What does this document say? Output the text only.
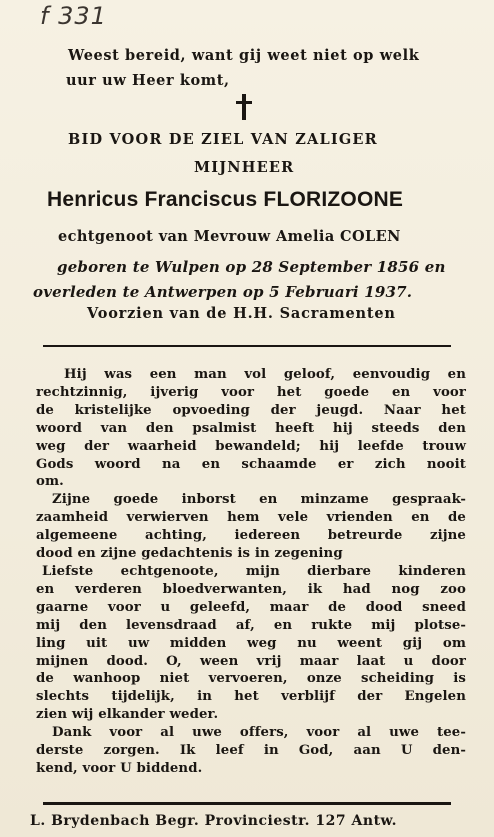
f 331
Weest bereid, want gij weet niet op welk
uur uw Heer komt,
BID VOOR DE ZIEL VAN ZALIGER
MIJNHEER
Henricus Franciscus FLORIZOONE
echtgenoot van Mevrouw Amelia COLEN
geboren te Wulpen op 28 September 1856 en
overleden te Antwerpen op 5 Februari 1937.
Voorzien van de H.H. Sacramenten
Hij was een man vol geloof, eenvoudig en
rechtzinnig, ijverig voor het goede en voor
de kristelijke opvoeding der jeugd. Naar het
woord van den psalmist heeft hij steeds den
weg der waarheid bewandeld; hij leefde trouw
Gods woord na en schaamde er zich nooit
om.
Zijne goede inborst en minzame gespraak-
zaamheid verwierven hem vele vrienden en de
algemeene achting, iedereen betreurde zijne
dood en zijne gedachtenis is in zegening
Liefste echtgenoote, mijn dierbare kinderen
en verderen bloedverwanten, ik had nog zoo
gaarne voor u geleefd, maar de dood sneed
mij den levensdraad af, en rukte mij plotse-
ling uit uw midden weg nu weent gij om
mijnen dood. O, ween vrij maar laat u door
de wanhoop niet vervoeren, onze scheiding is
slechts tijdelijk, in het verblijf der Engelen
zien wij elkander weder.
Dank voor al uwe offers, voor al uwe tee-
derste zorgen. Ik leef in God, aan U den-
kend, voor U biddend.
L. Brydenbach Begr. Provinciestr. 127 Antw.
